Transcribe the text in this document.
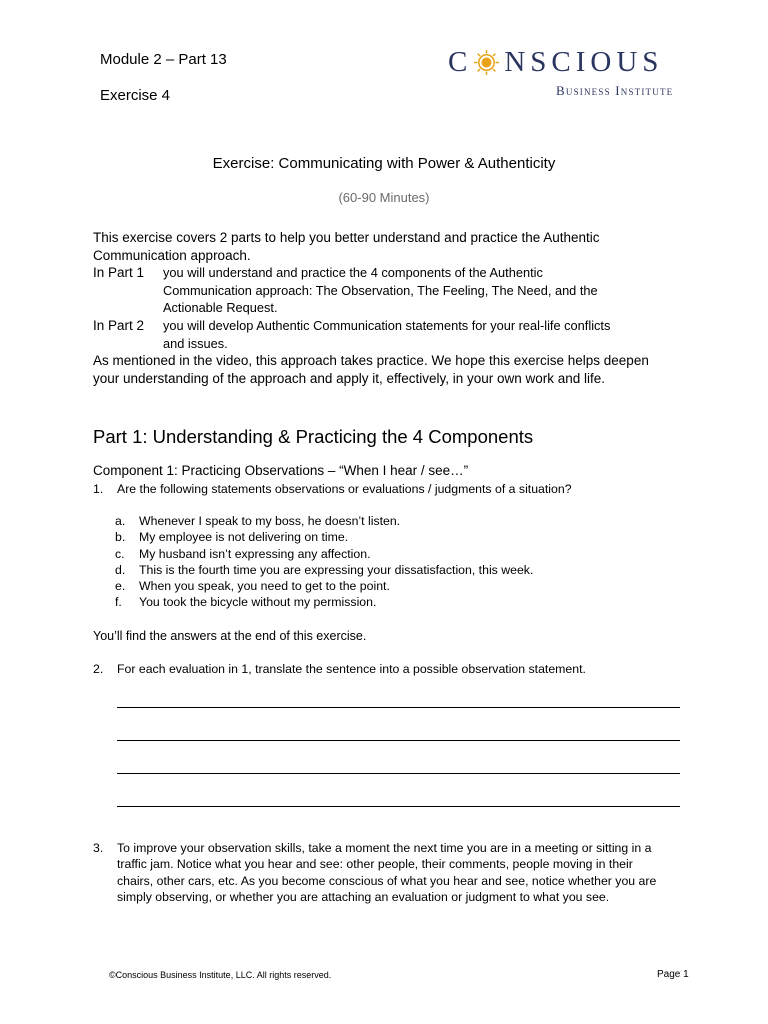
Module 2 – Part 13
Exercise 4
C NSCIOUS
Business Institute
Exercise: Communicating with Power & Authenticity
(60-90 Minutes)
This exercise covers 2 parts to help you better understand and practice the Authentic
Communication approach.
In Part 1	you will understand and practice the 4 components of the Authentic
Communication approach: The Observation, The Feeling, The Need, and the
Actionable Request.
In Part 2	you will develop Authentic Communication statements for your real-life conflicts
and issues.
As mentioned in the video, this approach takes practice. We hope this exercise helps deepen
your understanding of the approach and apply it, effectively, in your own work and life.
Part 1: Understanding & Practicing the 4 Components
Component 1: Practicing Observations – “When I hear / see…”
1.	Are the following statements observations or evaluations / judgments of a situation?
a.	Whenever I speak to my boss, he doesn’t listen.
b.	My employee is not delivering on time.
c.	My husband isn’t expressing any affection.
d.	This is the fourth time you are expressing your dissatisfaction, this week.
e.	When you speak, you need to get to the point.
f.	You took the bicycle without my permission.
You’ll find the answers at the end of this exercise.
2.	For each evaluation in 1, translate the sentence into a possible observation statement.
3.	To improve your observation skills, take a moment the next time you are in a meeting or sitting in a
traffic jam. Notice what you hear and see: other people, their comments, people moving in their
chairs, other cars, etc. As you become conscious of what you hear and see, notice whether you are
simply observing, or whether you are attaching an evaluation or judgment to what you see.
©Conscious Business Institute, LLC. All rights reserved.	Page 1
